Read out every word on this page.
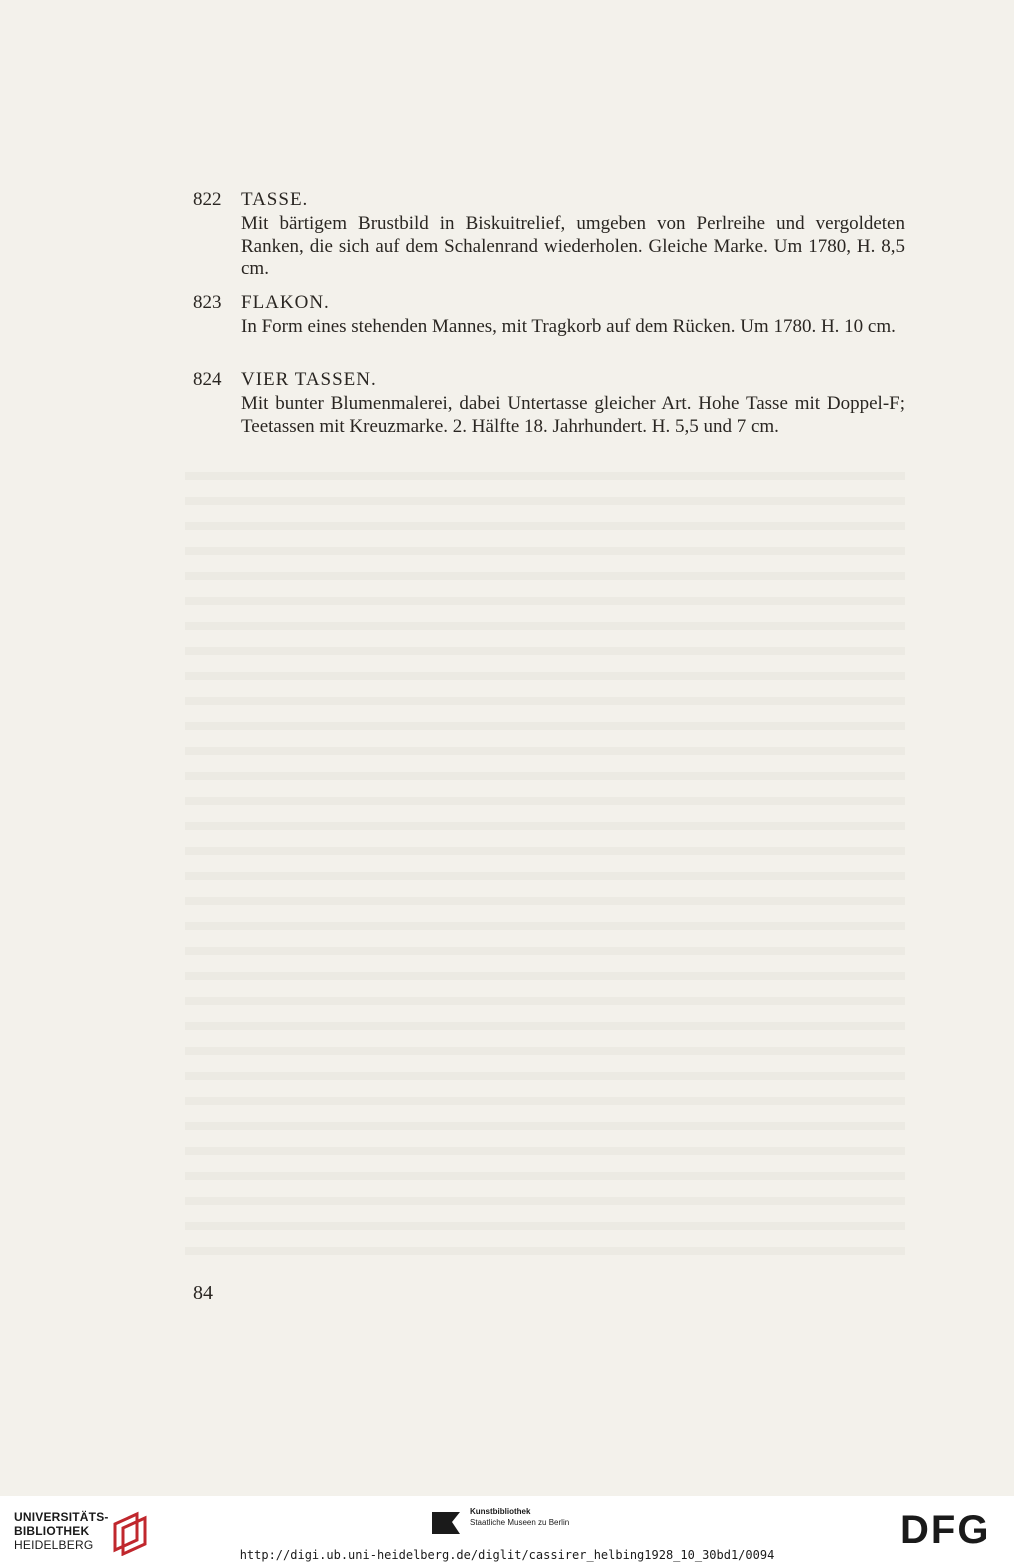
822	TASSE.
Mit bärtigem Brustbild in Biskuitrelief, umgeben von Perlreihe und vergoldeten Ranken, die sich auf dem Schalenrand wiederholen. Gleiche Marke. Um 1780, H. 8,5 cm.
823	FLAKON.
In Form eines stehenden Mannes, mit Tragkorb auf dem Rücken. Um 1780. H. 10 cm.
824	VIER TASSEN.
Mit bunter Blumenmalerei, dabei Untertasse gleicher Art. Hohe Tasse mit Doppel-F; Teetassen mit Kreuzmarke. 2. Hälfte 18. Jahrhundert. H. 5,5 und 7 cm.
84
UNIVERSITÄTS-
BIBLIOTHEK
HEIDELBERG
Kunstbibliothek
Staatliche Museen zu Berlin	DFG
http://digi.ub.uni-heidelberg.de/diglit/cassirer_helbing1928_10_30bd1/0094
